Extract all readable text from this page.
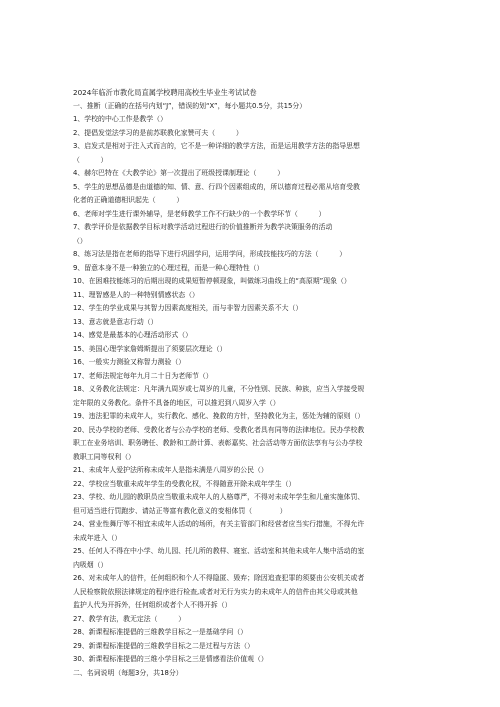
2024年临沂市教化局直属学校聘用高校生毕业生考试试卷
一、推断（正确的在括号内划“J”，错误的划“X”，每小题共0.5分，共15分）
1、学校的中心工作是教学（）
2、提倡发觉法学习的是前苏联教化家赞可夫（　　　）
3、启发式是相对于注入式而言的，它不是一种详细的教学方法，而是运用教学方法的指导思想
（　　　）
4、赫尔巴特在《大教学论》第一次提出了班级授课制理论（　　　）
5、学生的思想品德是由道德的知、情、意、行四个因素组成的，所以德育过程必需从培育受教
化者的正确道德相识起先（　　　）
6、老师对学生进行课外辅导，是老师教学工作不行缺少的一个教学环节（　　　）
7、教学评价是依据教学目标对教学活动过程进行的价值推断并为教学决策服务的活动
（）
8、练习法是指在老师的指导下进行巩固学问，运用学问，形成技能技巧的方法（　　　）
9、留意本身不是一种独立的心理过程，而是一种心理特性（）
10、在困难技能练习的后期出现的成果短暂停顿现象，叫做练习曲线上的“高原期”现象（）
11、理智感是人的一种特别情感状态（）
12、学生的学业成果与其智力因素高度相关，而与非智力因素关系不大（）
13、意志就是意志行动（）
14、感觉是最基本的心理活动形式（）
15、美国心理学家詹姆斯提出了须要层次理论（）
16、一般实力测验又称智力测验（）
17、老师法规定每年九月二十日为老师节（）
18、义务教化法规定：凡年满九周岁或七周岁的儿童，不分性别、民族、种族，应当入学接受规
定年限的义务教化。条件不具备的地区，可以推迟到八周岁入学（）
19、违法犯罪的未成年人，实行教化、感化、挽救的方针，坚持教化为主，惩处为辅的原则（）
20、民办学校的老师、受教化者与公办学校的老师、受教化者具有同等的法律地位。民办学校教
职工在业务培训、职务聘任、教龄和工龄计算、表彰嘉奖、社会活动等方面依法享有与公办学校
教职工同等权利（）
21、未成年人爱护法所称未成年人是指未满是八周岁的公民（）
22、学校应当敬重未成年学生的受教化权，不得随意开除未成年学生（）
23、学校、幼儿园的教职员应当敬重未成年人的人格尊严，不得对未成年学生和儿童实施体罚、
但可适当进行罚跑步、请站正等富有教化意义的变相体罚（　　　　）
24、营业性舞厅等不相宜未成年人活动的场所，有关主管部门和经营者应当实行措施，不得允许
未成年进入（）
25、任何人不得在中小学、幼儿园、托儿所的教样、寝室、活动室和其他未成年人集中活动的室
内吸烟（）
26、对未成年人的信件，任何组织和个人不得隐匿、毁弃；除因追查犯罪的须要由公安机关或者
人民检察院依照法律规定的程序进行检查,或者对无行为实力的未成年人的信件由其父母或其他
监护人代为开拆外，任何组织或者个人不得开拆（）
27、教学有法，教无定法（　　　）
28、新课程标准提倡的三维教学目标之一是基础学问（）
29、新课程标准提倡的三维教学目标之二是过程与方法（）
30、新课程标准提倡的三维小学目标之三是情感看法价值观（）
二、名词说明（每题3分，共18分）
